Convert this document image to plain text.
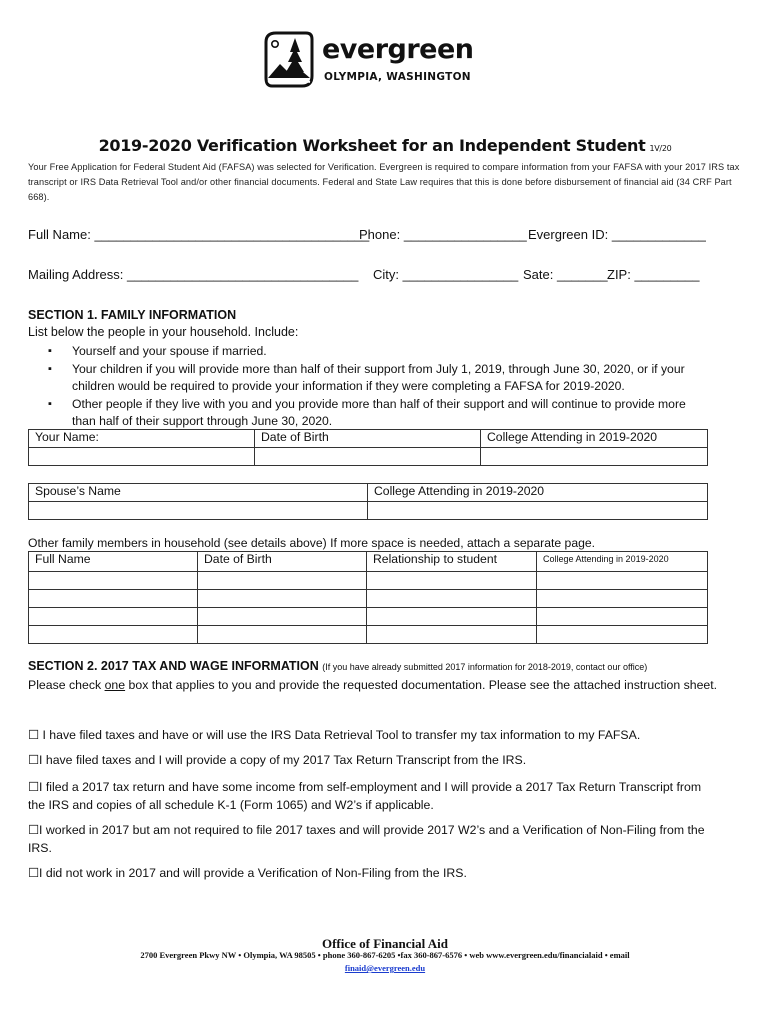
evergreen
OLYMPIA, WASHINGTON
2019-2020 Verification Worksheet for an Independent Student 1V/20
Your Free Application for Federal Student Aid (FAFSA) was selected for Verification. Evergreen is required to compare information from your FAFSA with your 2017 IRS tax transcript or IRS Data Retrieval Tool and/or other financial documents. Federal and State Law requires that this is done before disbursement of financial aid (34 CRF Part 668).
Full Name: ______________________________________
Phone: _________________ Evergreen ID: _____________
Mailing Address: ________________________________ City: ________________ Sate: _______ ZIP: _________
SECTION 1. FAMILY INFORMATION
List below the people in your household. Include:
▪ Yourself and your spouse if married.
▪ Your children if you will provide more than half of their support from July 1, 2019, through June 30, 2020, or if your children would be required to provide your information if they were completing a FAFSA for 2019-2020.
▪ Other people if they live with you and you provide more than half of their support and will continue to provide more than half of their support through June 30, 2020.
Your Name:	Date of Birth	College Attending in 2019-2020

Spouse’s Name	College Attending in 2019-2020

Other family members in household (see details above) If more space is needed, attach a separate page.
Full Name	Date of Birth	Relationship to student	College Attending in 2019-2020

SECTION 2. 2017 TAX AND WAGE INFORMATION (If you have already submitted 2017 information for 2018-2019, contact our office)
Please check one box that applies to you and provide the requested documentation. Please see the attached instruction sheet.
☐ I have filed taxes and have or will use the IRS Data Retrieval Tool to transfer my tax information to my FAFSA.
☐I have filed taxes and I will provide a copy of my 2017 Tax Return Transcript from the IRS.
☐I filed a 2017 tax return and have some income from self-employment and I will provide a 2017 Tax Return Transcript from the IRS and copies of all schedule K-1 (Form 1065) and W2’s if applicable.
☐I worked in 2017 but am not required to file 2017 taxes and will provide 2017 W2’s and a Verification of Non-Filing from the IRS.
☐I did not work in 2017 and will provide a Verification of Non-Filing from the IRS.
Office of Financial Aid
2700 Evergreen Pkwy NW • Olympia, WA 98505 • phone 360-867-6205 •fax 360-867-6576 • web www.evergreen.edu/financialaid • email
finaid@evergreen.edu
